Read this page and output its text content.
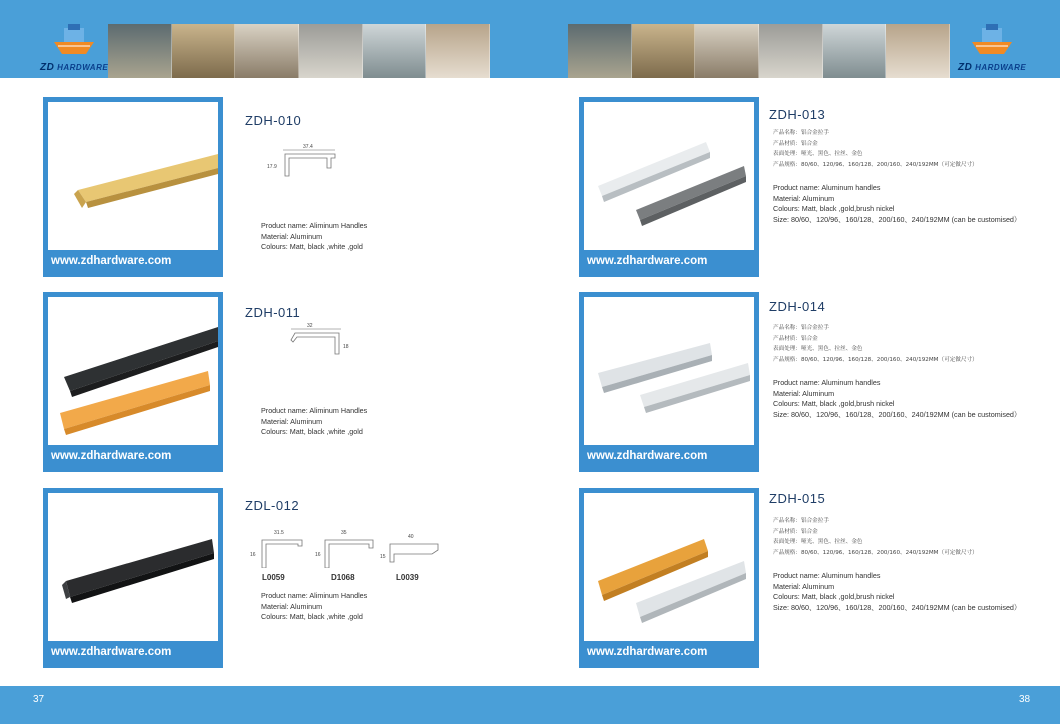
ZD HARDWARE	ZD HARDWARE
www.zdhardware.com
ZDH-010
37.4
17.9
Product name: Aliminum Handles
Material: Aluminum
Colours: Matt, black ,white ,gold
www.zdhardware.com
ZDH-011
32
18
Product name: Aliminum Handles
Material: Aluminum
Colours: Matt, black ,white ,gold
www.zdhardware.com
ZDL-012
31.5
16
L0059
35
16
D1068
40
15
L0039
Product name: Aliminum Handles
Material: Aluminum
Colours: Matt, black ,white ,gold
www.zdhardware.com
ZDH-013
产品名称：铝合金拉手
产品材质：铝合金
表面处理：哑光、黑色、拉丝、金色
产品规格：80/60、120/96、160/128、200/160、240/192MM（可定做尺寸）
Product name: Aluminum handles
Material: Aluminum
Colours: Matt, black ,gold,brush nickel
Size: 80/60、120/96、160/128、200/160、240/192MM (can be customised）
www.zdhardware.com
ZDH-014
产品名称：铝合金拉手
产品材质：铝合金
表面处理：哑光、黑色、拉丝、金色
产品规格：80/60、120/96、160/128、200/160、240/192MM（可定做尺寸）
Product name: Aluminum handles
Material: Aluminum
Colours: Matt, black ,gold,brush nickel
Size: 80/60、120/96、160/128、200/160、240/192MM (can be customised）
www.zdhardware.com
ZDH-015
产品名称：铝合金拉手
产品材质：铝合金
表面处理：哑光、黑色、拉丝、金色
产品规格：80/60、120/96、160/128、200/160、240/192MM（可定做尺寸）
Product name: Aluminum handles
Material: Aluminum
Colours: Matt, black ,gold,brush nickel
Size: 80/60、120/96、160/128、200/160、240/192MM (can be customised）
37	38
